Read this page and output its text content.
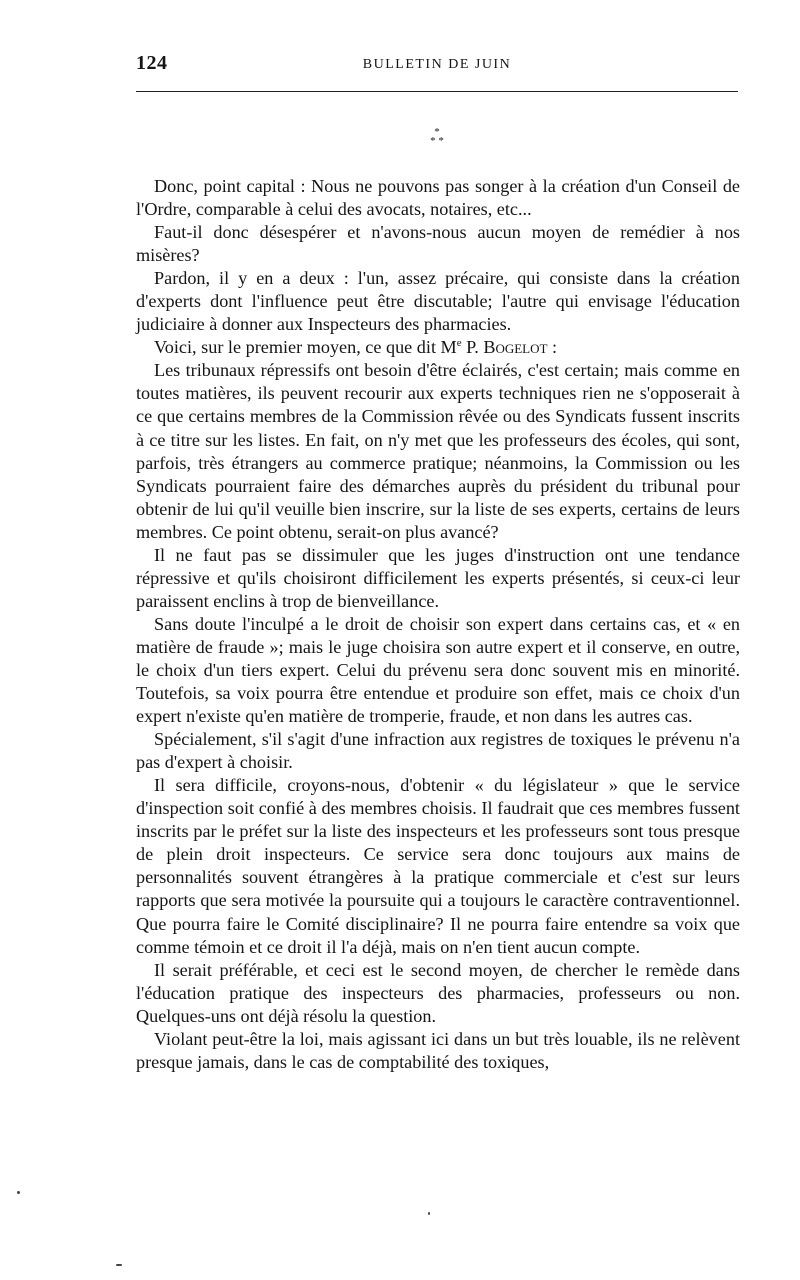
124	BULLETIN DE JUIN
*
* *

Donc, point capital : Nous ne pouvons pas songer à la création d'un Conseil de l'Ordre, comparable à celui des avocats, notaires, etc...

Faut-il donc désespérer et n'avons-nous aucun moyen de remédier à nos misères?

Pardon, il y en a deux : l'un, assez précaire, qui consiste dans la création d'experts dont l'influence peut être discutable; l'autre qui envisage l'éducation judiciaire à donner aux Inspecteurs des pharmacies.

Voici, sur le premier moyen, ce que dit Me P. Bogelot :

Les tribunaux répressifs ont besoin d'être éclairés, c'est certain; mais comme en toutes matières, ils peuvent recourir aux experts techniques rien ne s'opposerait à ce que certains membres de la Commission rêvée ou des Syndicats fussent inscrits à ce titre sur les listes. En fait, on n'y met que les professeurs des écoles, qui sont, parfois, très étrangers au commerce pratique; néanmoins, la Commission ou les Syndicats pourraient faire des démarches auprès du président du tribunal pour obtenir de lui qu'il veuille bien inscrire, sur la liste de ses experts, certains de leurs membres. Ce point obtenu, serait-on plus avancé?

Il ne faut pas se dissimuler que les juges d'instruction ont une tendance répressive et qu'ils choisiront difficilement les experts présentés, si ceux-ci leur paraissent enclins à trop de bienveillance.

Sans doute l'inculpé a le droit de choisir son expert dans certains cas, et « en matière de fraude »; mais le juge choisira son autre expert et il conserve, en outre, le choix d'un tiers expert. Celui du prévenu sera donc souvent mis en minorité. Toutefois, sa voix pourra être entendue et produire son effet, mais ce choix d'un expert n'existe qu'en matière de tromperie, fraude, et non dans les autres cas.

Spécialement, s'il s'agit d'une infraction aux registres de toxiques le prévenu n'a pas d'expert à choisir.

Il sera difficile, croyons-nous, d'obtenir « du législateur » que le service d'inspection soit confié à des membres choisis. Il faudrait que ces membres fussent inscrits par le préfet sur la liste des inspecteurs et les professeurs sont tous presque de plein droit inspecteurs. Ce service sera donc toujours aux mains de personnalités souvent étrangères à la pratique commerciale et c'est sur leurs rapports que sera motivée la poursuite qui a toujours le caractère contraventionnel. Que pourra faire le Comité disciplinaire? Il ne pourra faire entendre sa voix que comme témoin et ce droit il l'a déjà, mais on n'en tient aucun compte.

Il serait préférable, et ceci est le second moyen, de chercher le remède dans l'éducation pratique des inspecteurs des pharmacies, professeurs ou non. Quelques-uns ont déjà résolu la question.

Violant peut-être la loi, mais agissant ici dans un but très louable, ils ne relèvent presque jamais, dans le cas de comptabilité des toxiques,
